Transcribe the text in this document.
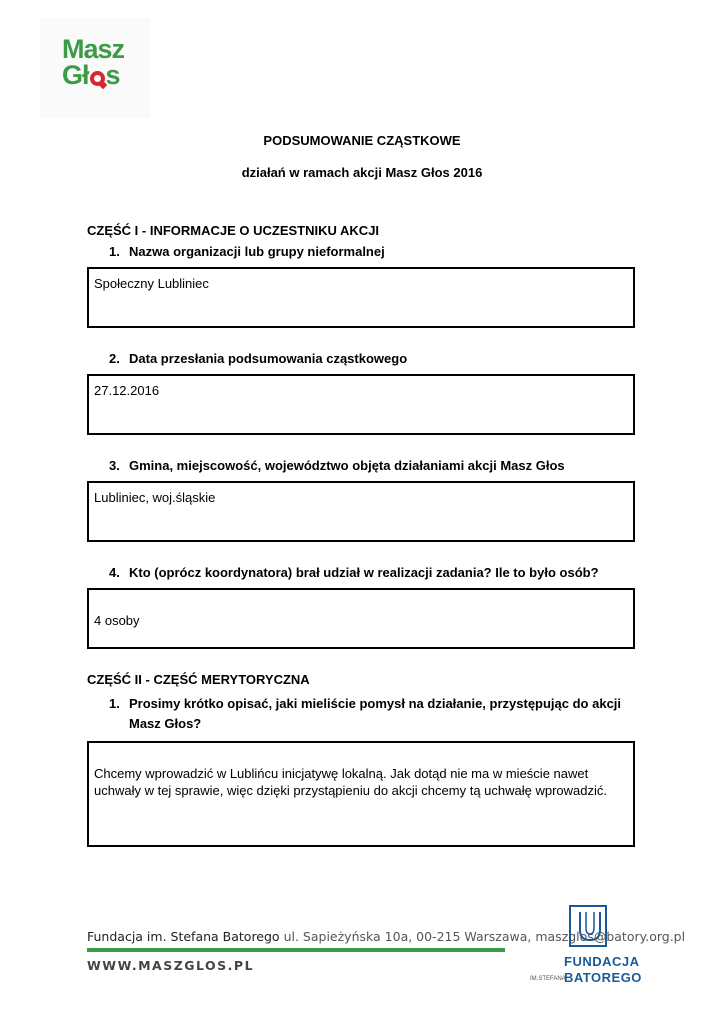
Masz
Gł s
PODSUMOWANIE CZĄSTKOWE
działań w ramach akcji Masz Głos 2016
CZĘŚĆ I - INFORMACJE O UCZESTNIKU AKCJI
1. Nazwa organizacji lub grupy nieformalnej
Społeczny Lubliniec
2. Data przesłania podsumowania cząstkowego
27.12.2016
3. Gmina, miejscowość, województwo objęta działaniami akcji Masz Głos
Lubliniec, woj.śląskie
4. Kto (oprócz koordynatora) brał udział w realizacji zadania? Ile to było osób?
4 osoby
CZĘŚĆ II - CZĘŚĆ MERYTORYCZNA
1. Prosimy krótko opisać, jaki mieliście pomysł na działanie, przystępując do akcji
Masz Głos?
Chcemy wprowadzić w Lublińcu inicjatywę lokalną. Jak dotąd nie ma w mieście nawet uchwały w tej sprawie, więc dzięki przystąpieniu do akcji chcemy tą uchwałę wprowadzić.
Fundacja im. Stefana Batorego ul. Sapieżyńska 10a, 00-215 Warszawa, maszglos@batory.org.pl
WWW.MASZGLOS.PL	FUNDACJA
IM.STEFANA
BATOREGO
